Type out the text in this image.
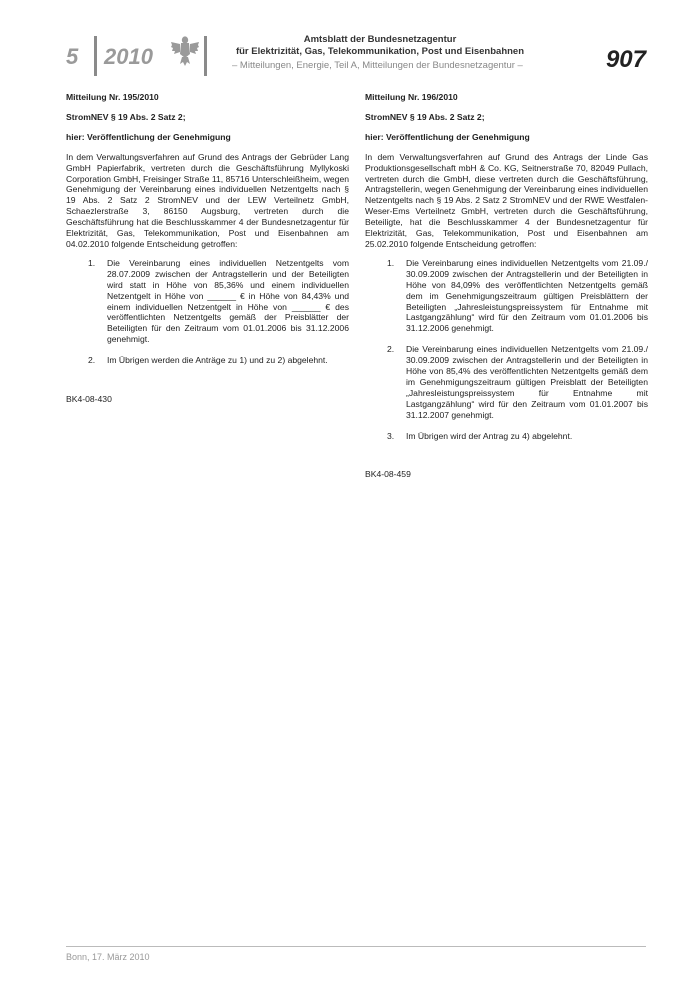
5 2010
Amtsblatt der Bundesnetzagentur
für Elektrizität, Gas, Telekommunikation, Post und Eisenbahnen
– Mitteilungen, Energie, Teil A, Mitteilungen der Bundesnetzagentur –	907
Mitteilung Nr. 195/2010
StromNEV § 19 Abs. 2 Satz 2;
hier: Veröffentlichung der Genehmigung
In dem Verwaltungsverfahren auf Grund des Antrags der Gebrüder Lang GmbH Papierfabrik, vertreten durch die Geschäftsführung Myllykoski Corporation GmbH, Freisinger Straße 11, 85716 Unterschleißheim, wegen Genehmigung der Vereinbarung eines individuellen Netzentgelts nach § 19 Abs. 2 Satz 2 StromNEV und der LEW Verteilnetz GmbH, Schaezlerstraße 3, 86150 Augsburg, vertreten durch die Geschäftsführung hat die Beschlusskammer 4 der Bundesnetzagentur für Elektrizität, Gas, Telekommunikation, Post und Eisenbahnen am 04.02.2010 folgende Entscheidung getroffen:
1. Die Vereinbarung eines individuellen Netzentgelts vom 28.07.2009 zwischen der Antragstellerin und der Beteiligten wird statt in Höhe von 85,36% und einem individuellen Netzentgelt in Höhe von ______ € in Höhe von 84,43% und einem individuellen Netzentgelt in Höhe von ______ € des veröffentlichten Netzentgelts gemäß der Preisblätter der Beteiligten für den Zeitraum vom 01.01.2006 bis 31.12.2006 genehmigt.
2. Im Übrigen werden die Anträge zu 1) und zu 2) abgelehnt.
BK4-08-430
Mitteilung Nr. 196/2010
StromNEV § 19 Abs. 2 Satz 2;
hier: Veröffentlichung der Genehmigung
In dem Verwaltungsverfahren auf Grund des Antrags der Linde Gas Produktionsgesellschaft mbH & Co. KG, Seitnerstraße 70, 82049 Pullach, vertreten durch die GmbH, diese vertreten durch die Geschäftsführung, Antragstellerin, wegen Genehmigung der Vereinbarung eines individuellen Netzentgelts nach § 19 Abs. 2 Satz 2 StromNEV und der RWE Westfalen-Weser-Ems Verteilnetz GmbH, vertreten durch die Geschäftsführung, Beteiligte, hat die Beschlusskammer 4 der Bundesnetzagentur für Elektrizität, Gas, Telekommunikation, Post und Eisenbahnen am 25.02.2010 folgende Entscheidung getroffen:
1. Die Vereinbarung eines individuellen Netzentgelts vom 21.09./ 30.09.2009 zwischen der Antragstellerin und der Beteiligten in Höhe von 84,09% des veröffentlichten Netzentgelts gemäß dem im Genehmigungszeitraum gültigen Preisblättern der Beteiligten „Jahresleistungspreissystem für Entnahme mit Lastgangzählung“ wird für den Zeitraum vom 01.01.2006 bis 31.12.2006 genehmigt.
2. Die Vereinbarung eines individuellen Netzentgelts vom 21.09./ 30.09.2009 zwischen der Antragstellerin und der Beteiligten in Höhe von 85,4% des veröffentlichten Netzentgelts gemäß dem im Genehmigungszeitraum gültigen Preisblatt der Beteiligten „Jahresleistungspreissystem für Entnahme mit Lastgangzählung“ wird für den Zeitraum vom 01.01.2007 bis 31.12.2007 genehmigt.
3. Im Übrigen wird der Antrag zu 4) abgelehnt.
BK4-08-459
Bonn, 17. März 2010
